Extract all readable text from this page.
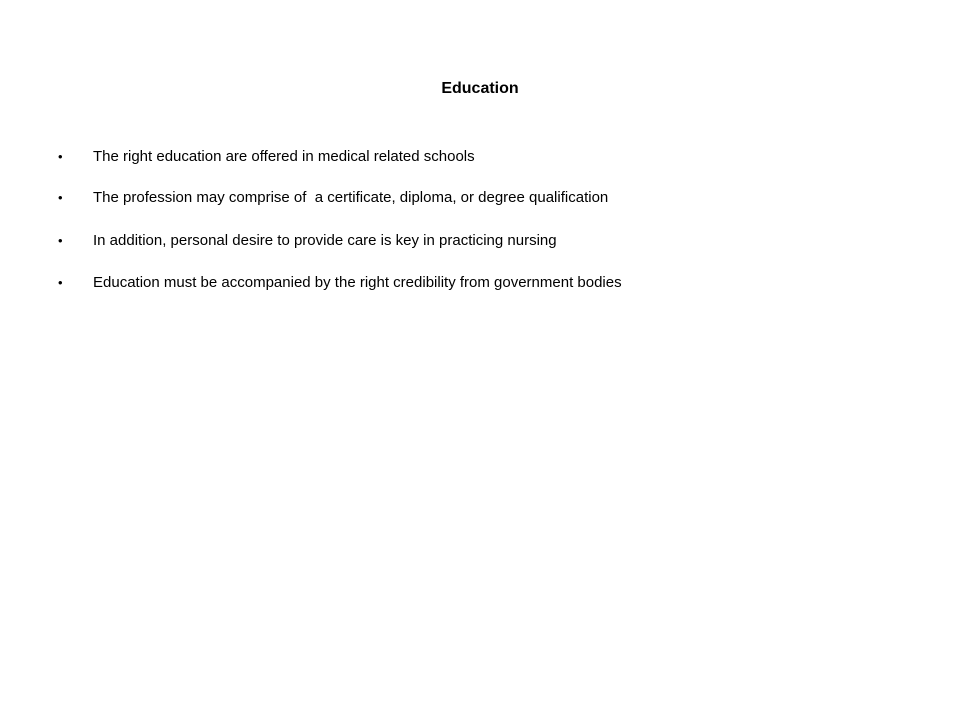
Education
• The right education are offered in medical related schools
• The profession may comprise of  a certificate, diploma, or degree qualification
• In addition, personal desire to provide care is key in practicing nursing
• Education must be accompanied by the right credibility from government bodies
